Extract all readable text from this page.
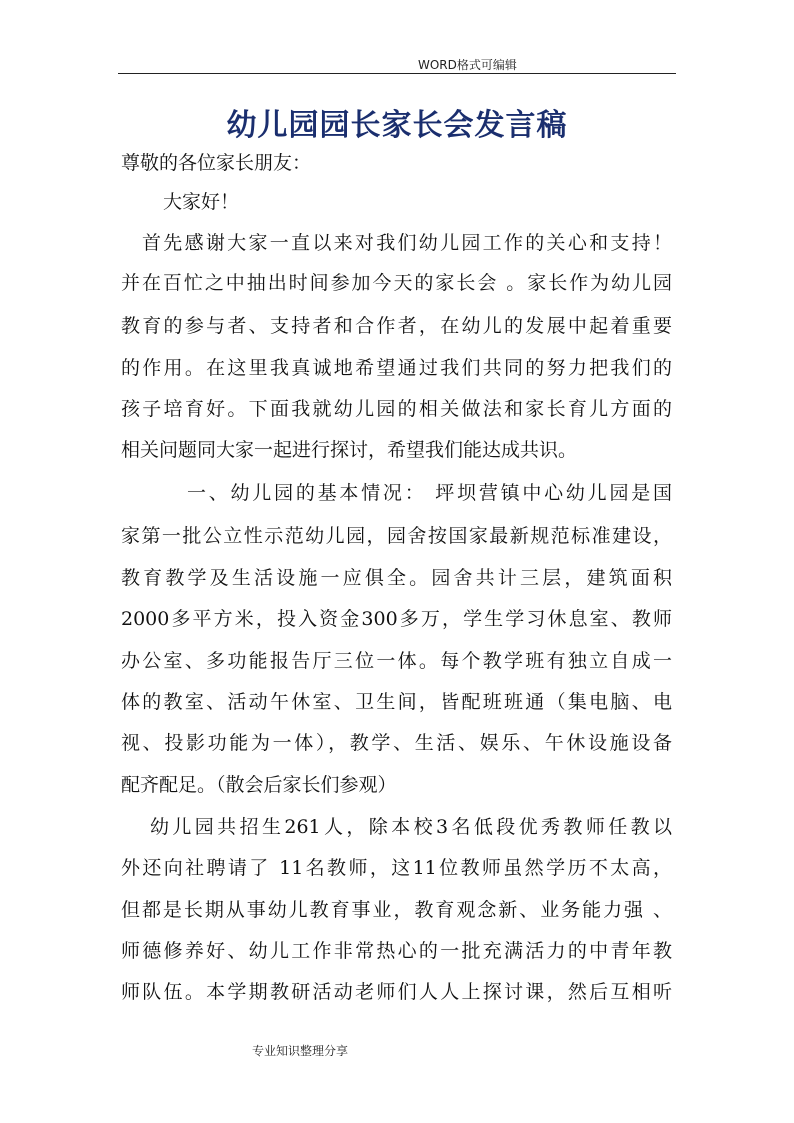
WORD格式可编辑
幼儿园园长家长会发言稿
尊敬的各位家长朋友：
大家好！
首先感谢大家一直以来对我们幼儿园工作的关心和支持！
并在百忙之中抽出时间参加今天的家长会 。家长作为幼儿园
教育的参与者、支持者和合作者，在幼儿的发展中起着重要
的作用。在这里我真诚地希望通过我们共同的努力把我们的
孩子培育好。下面我就幼儿园的相关做法和家长育儿方面的
相关问题同大家一起进行探讨，希望我们能达成共识。
一、幼儿园的基本情况： 坪坝营镇中心幼儿园是国
家第一批公立性示范幼儿园，园舍按国家最新规范标准建设，
教育教学及生活设施一应俱全。园舍共计三层，建筑面积
2000多平方米，投入资金300多万，学生学习休息室、教师
办公室、多功能报告厅三位一体。每个教学班有独立自成一
体的教室、活动午休室、卫生间，皆配班班通（集电脑、电
视、投影功能为一体），教学、生活、娱乐、午休设施设备
配齐配足。（散会后家长们参观）
幼儿园共招生261人，除本校3名低段优秀教师任教以
外还向社聘请了 11名教师，这11位教师虽然学历不太高，
但都是长期从事幼儿教育事业，教育观念新、业务能力强 、
师德修养好、幼儿工作非常热心的一批充满活力的中青年教
师队伍。本学期教研活动老师们人人上探讨课，然后互相听
专业知识整理分享
